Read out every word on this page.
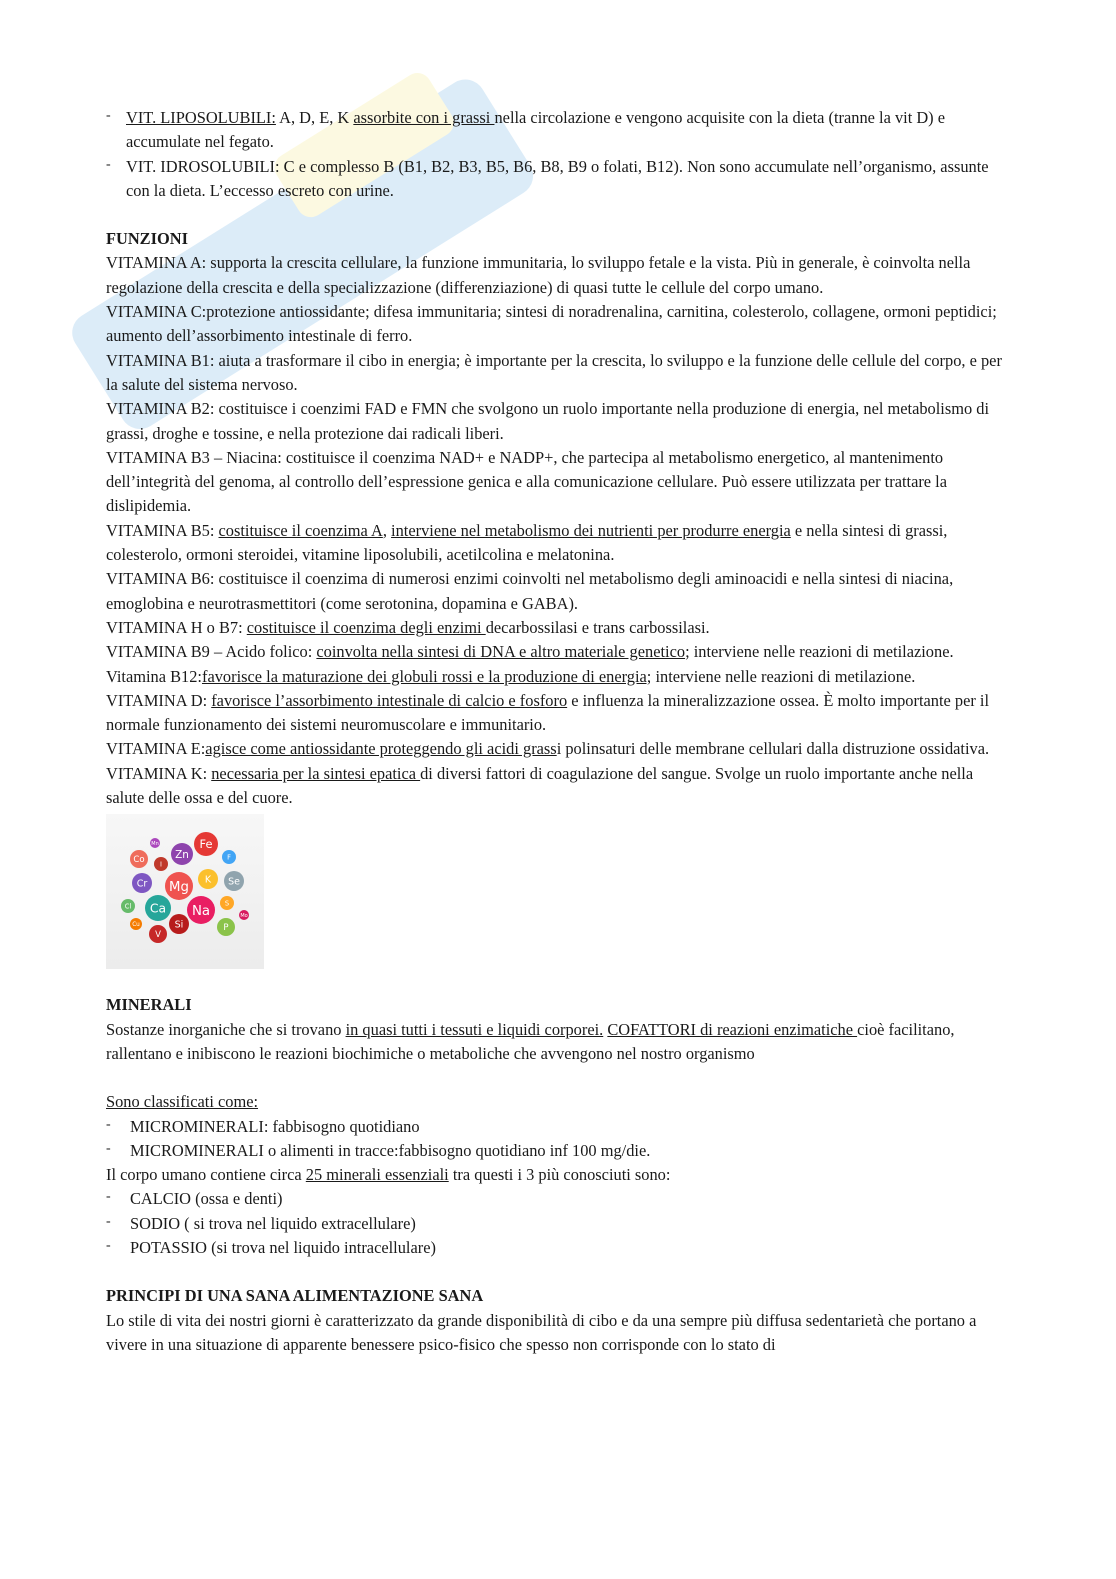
- VIT. LIPOSOLUBILI: A, D, E, K assorbite con i grassi nella circolazione e vengono acquisite con la dieta (tranne la vit D) e accumulate nel fegato.
- VIT. IDROSOLUBILI: C e complesso B (B1, B2, B3, B5, B6, B8, B9 o folati, B12). Non sono accumulate nell’organismo, assunte con la dieta. L’eccesso escreto con urine.

FUNZIONI

VITAMINA A: supporta la crescita cellulare, la funzione immunitaria, lo sviluppo fetale e la vista. Più in generale, è coinvolta nella regolazione della crescita e della specializzazione (differenziazione) di quasi tutte le cellule del corpo umano.

VITAMINA C:protezione antiossidante; difesa immunitaria; sintesi di noradrenalina, carnitina, colesterolo, collagene, ormoni peptidici; aumento dell’assorbimento intestinale di ferro.

VITAMINA B1: aiuta a trasformare il cibo in energia; è importante per la crescita, lo sviluppo e la funzione delle cellule del corpo, e per la salute del sistema nervoso.

VITAMINA B2: costituisce i coenzimi FAD e FMN che svolgono un ruolo importante nella produzione di energia, nel metabolismo di grassi, droghe e tossine, e nella protezione dai radicali liberi.

VITAMINA B3 – Niacina: costituisce il coenzima NAD+ e NADP+, che partecipa al metabolismo energetico, al mantenimento dell’integrità del genoma, al controllo dell’espressione genica e alla comunicazione cellulare. Può essere utilizzata per trattare la dislipidemia.

VITAMINA B5: costituisce il coenzima A, interviene nel metabolismo dei nutrienti per produrre energia e nella sintesi di grassi, colesterolo, ormoni steroidei, vitamine liposolubili, acetilcolina e melatonina.

VITAMINA B6: costituisce il coenzima di numerosi enzimi coinvolti nel metabolismo degli aminoacidi e nella sintesi di niacina, emoglobina e neurotrasmettitori (come serotonina, dopamina e GABA).

VITAMINA H o B7: costituisce il coenzima degli enzimi decarbossilasi e trans carbossilasi.

VITAMINA B9 – Acido folico: coinvolta nella sintesi di DNA e altro materiale genetico; interviene nelle reazioni di metilazione.

Vitamina B12:favorisce la maturazione dei globuli rossi e la produzione di energia; interviene nelle reazioni di metilazione.

VITAMINA D: favorisce l’assorbimento intestinale di calcio e fosforo e influenza la mineralizzazione ossea. È molto importante per il normale funzionamento dei sistemi neuromuscolare e immunitario.

VITAMINA E:agisce come antiossidante proteggendo gli acidi grassi polinsaturi delle membrane cellulari dalla distruzione ossidativa.

VITAMINA K: necessaria per la sintesi epatica di diversi fattori di coagulazione del sangue. Svolge un ruolo importante anche nella salute delle ossa e del cuore.

Fe
Zn
Mn
Co I
F
Cr Mg K Se
Cl Ca Na
S
Mo
Cu
V
Si	P

MINERALI

Sostanze inorganiche che si trovano in quasi tutti i tessuti e liquidi corporei. COFATTORI di reazioni enzimatiche cioè facilitano, rallentano e inibiscono le reazioni biochimiche o metaboliche che avvengono nel nostro organismo

Sono classificati come:

- MICROMINERALI: fabbisogno quotidiano
- MICROMINERALI o alimenti in tracce:fabbisogno quotidiano inf 100 mg/die.

Il corpo umano contiene circa 25 minerali essenziali tra questi i 3 più conosciuti sono:

- CALCIO (ossa e denti)
- SODIO ( si trova nel liquido extracellulare)
- POTASSIO (si trova nel liquido intracellulare)

PRINCIPI DI UNA SANA ALIMENTAZIONE SANA

Lo stile di vita dei nostri giorni è caratterizzato da grande disponibilità di cibo e da una sempre più diffusa sedentarietà che portano a vivere in una situazione di apparente benessere psico-fisico che spesso non corrisponde con lo stato di
